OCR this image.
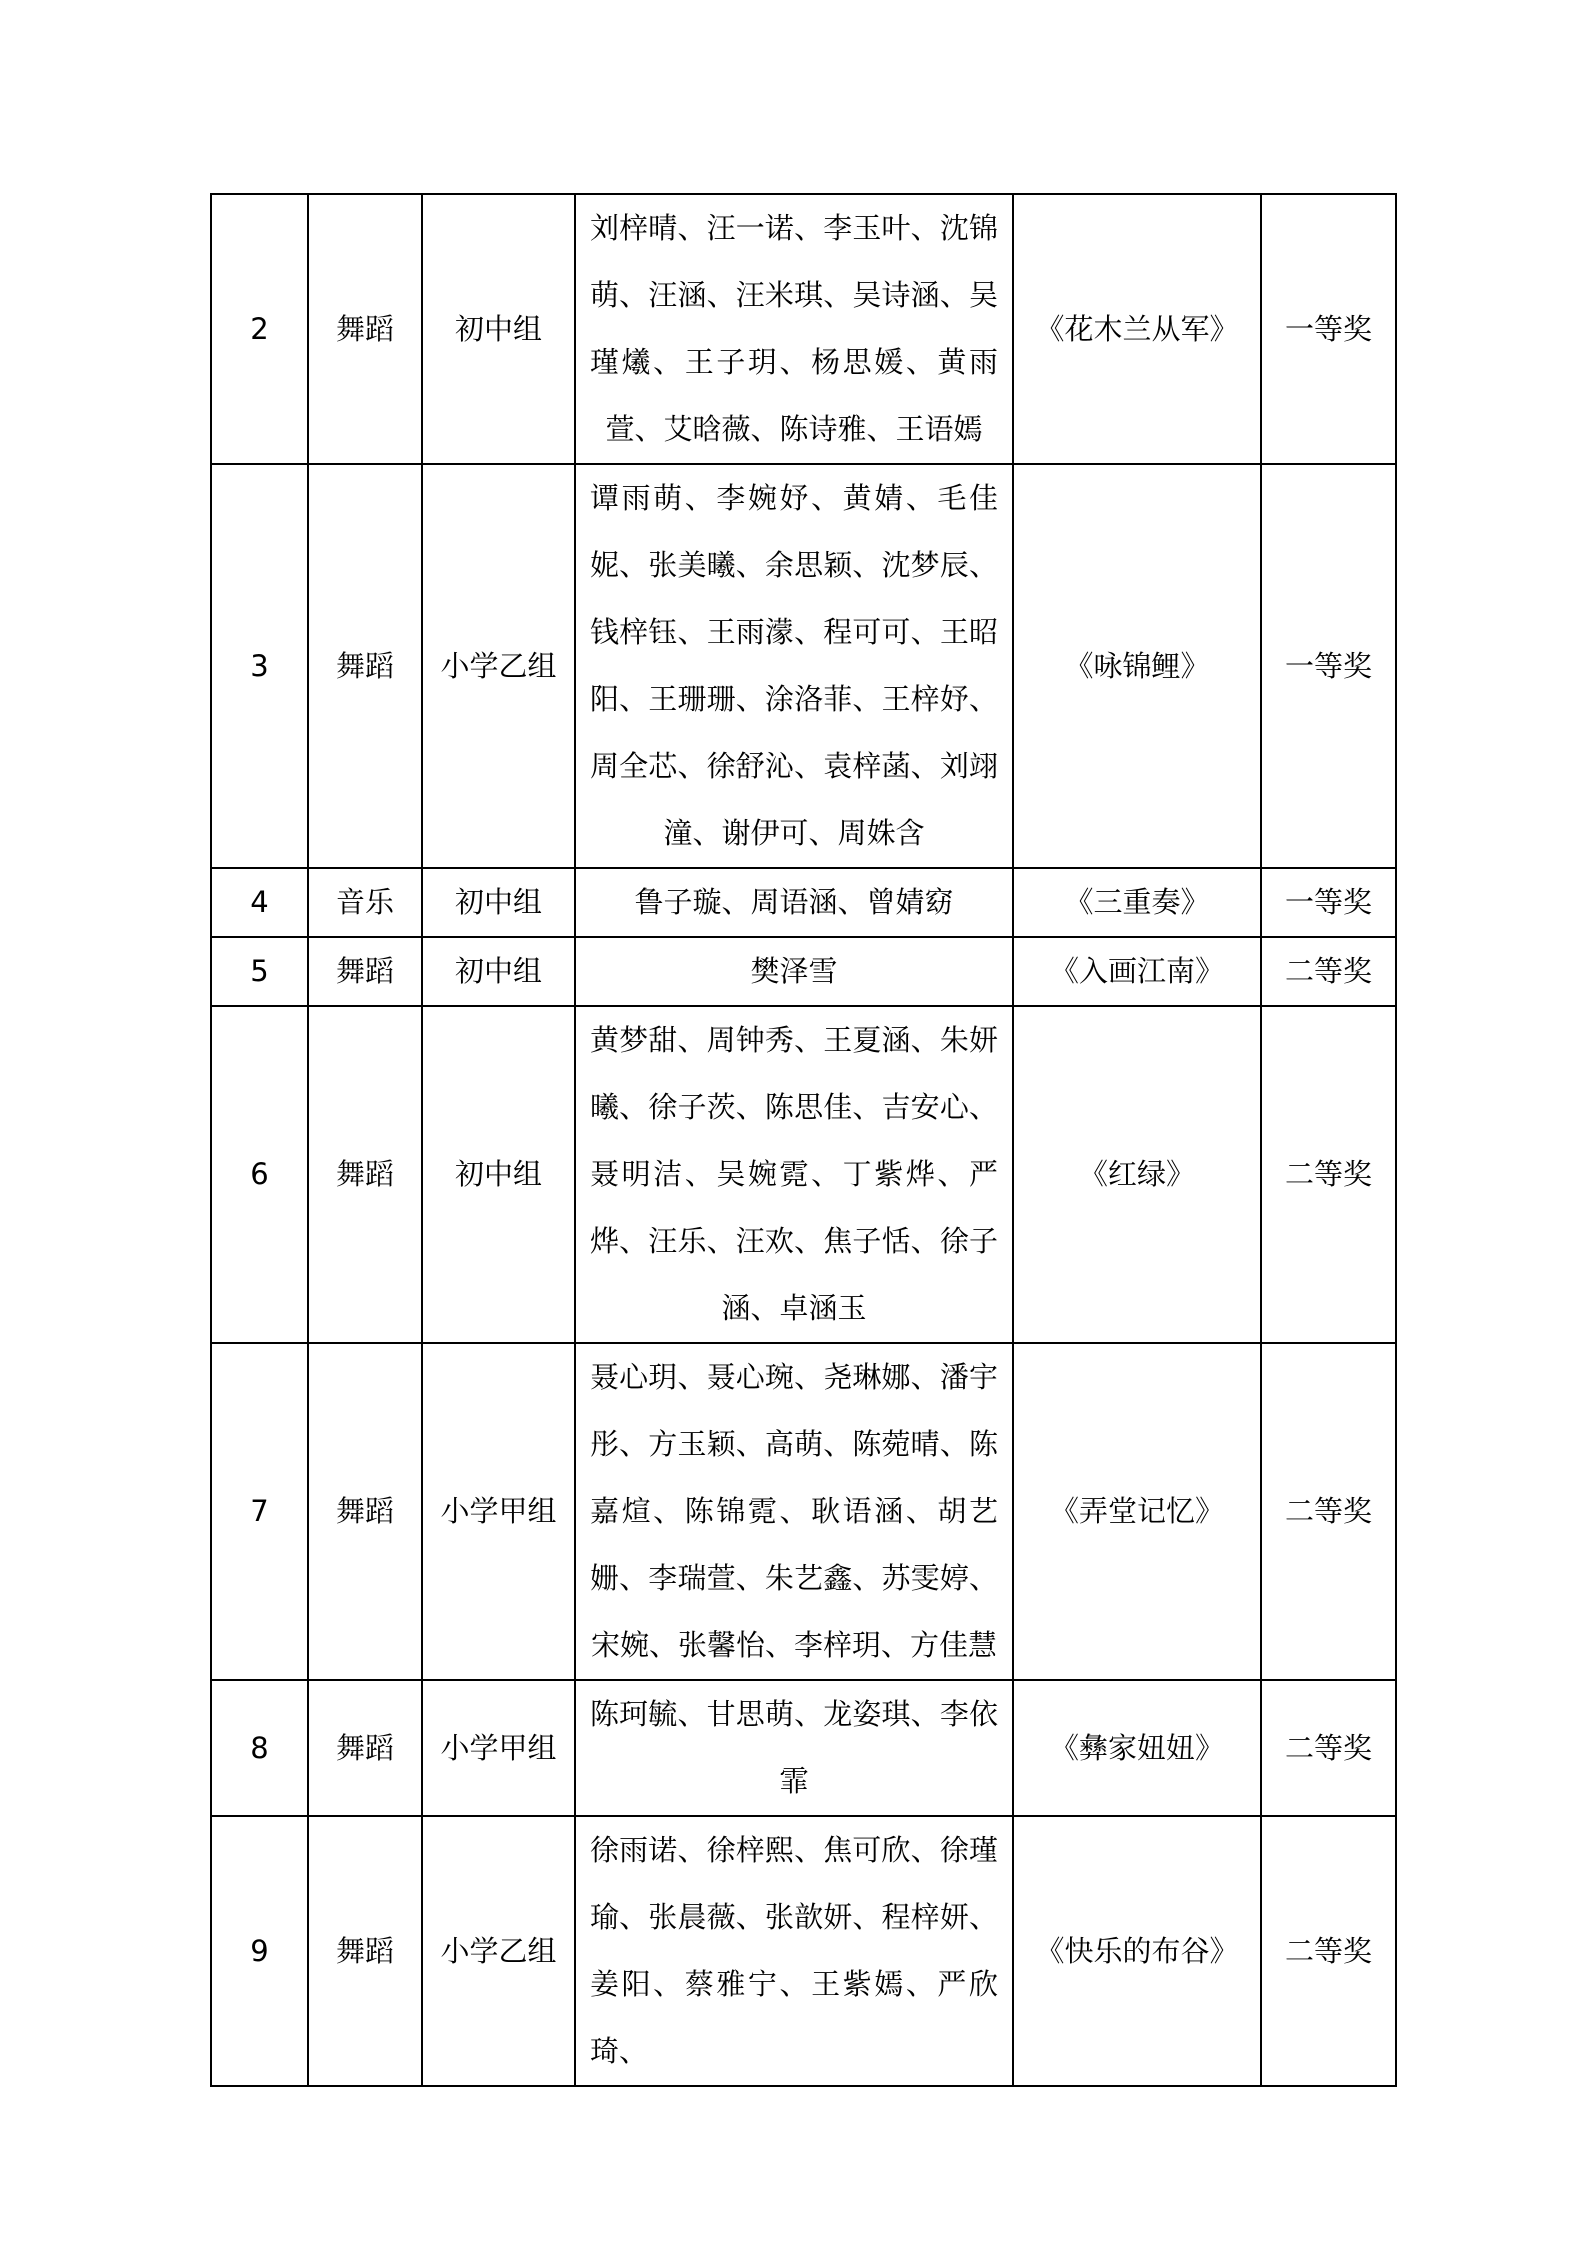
2	舞蹈	初中组	刘梓晴、汪一诺、李玉叶、沈锦萌、汪涵、汪米琪、吴诗涵、吴瑾爔、王子玥、杨思媛、黄雨萱、艾晗薇、陈诗雅、王语嫣	《花木兰从军》	一等奖
3	舞蹈	小学乙组	谭雨萌、李婉妤、黄婧、毛佳妮、张美曦、余思颖、沈梦辰、钱梓钰、王雨濛、程可可、王昭阳、王珊珊、涂洛菲、王梓妤、周全芯、徐舒沁、袁梓菡、刘翊潼、谢伊可、周姝含	《咏锦鲤》	一等奖
4	音乐	初中组	鲁子璇、周语涵、曾婧窈	《三重奏》	一等奖
5	舞蹈	初中组	樊泽雪	《入画江南》	二等奖
6	舞蹈	初中组	黄梦甜、周钟秀、王夏涵、朱妍曦、徐子茨、陈思佳、吉安心、聂明洁、吴婉霓、丁紫烨、严烨、汪乐、汪欢、焦子恬、徐子涵、卓涵玉	《红绿》	二等奖
7	舞蹈	小学甲组	聂心玥、聂心琬、尧琳娜、潘宇彤、方玉颖、高萌、陈菀晴、陈嘉煊、陈锦霓、耿语涵、胡艺姗、李瑞萱、朱艺鑫、苏雯婷、宋婉、张馨怡、李梓玥、方佳慧	《弄堂记忆》	二等奖
8	舞蹈	小学甲组	陈珂毓、甘思萌、龙姿琪、李依霏	《彝家妞妞》	二等奖
9	舞蹈	小学乙组	徐雨诺、徐梓熙、焦可欣、徐瑾瑜、张晨薇、张歆妍、程梓妍、姜阳、蔡雅宁、王紫嫣、严欣琦、	《快乐的布谷》	二等奖
